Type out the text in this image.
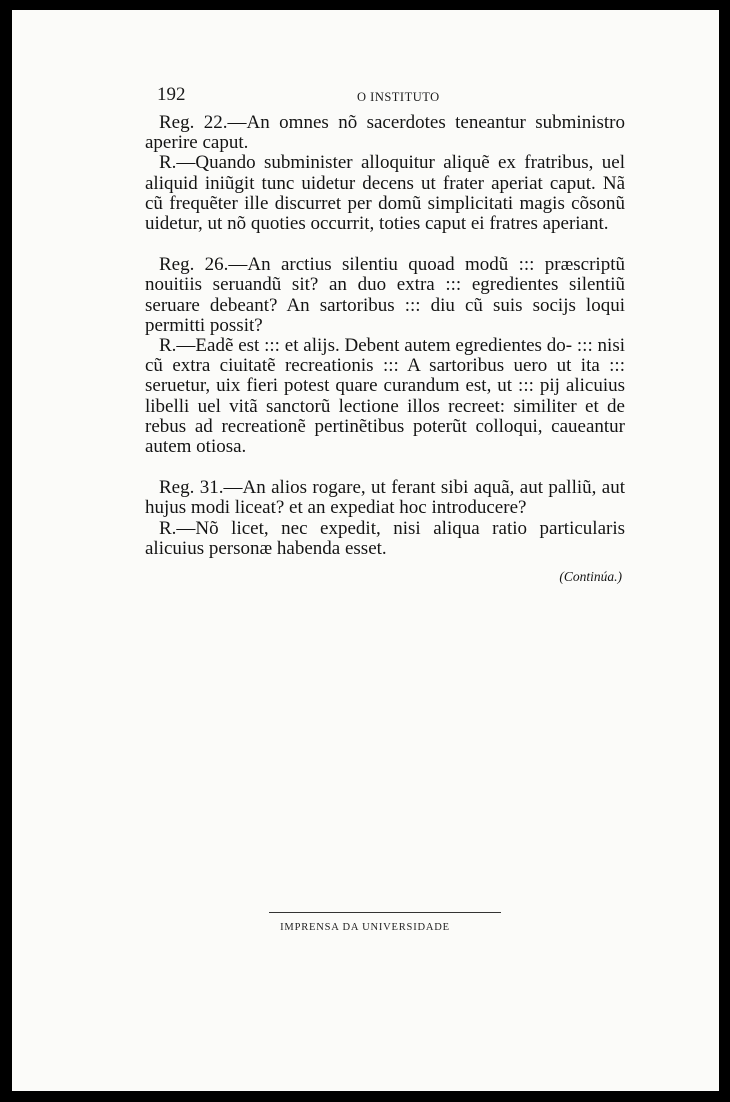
192	O INSTITUTO

Reg. 22.—An omnes nõ sacerdotes teneantur subministro aperire caput.

R.—Quando subminister alloquitur aliquẽ ex fratribus, uel aliquid iniũgit tunc uidetur decens ut frater aperiat caput. Nã cũ frequẽter ille discurret per domũ simplicitati magis cõsonũ uidetur, ut nõ quoties occurrit, toties caput ei fratres aperiant.

Reg. 26.—An arctius silentiu quoad modũ ::: præscriptũ nouitiis seruandũ sit? an duo extra ::: egredientes silentiũ seruare debeant? An sartoribus ::: diu cũ suis socijs loqui permitti possit?

R.—Eadẽ est ::: et alijs. Debent autem egredientes do- ::: nisi cũ extra ciuitatẽ recreationis ::: A sartoribus uero ut ita ::: seruetur, uix fieri potest quare curandum est, ut ::: pij alicuius libelli uel vitã sanctorũ lectione illos recreet: similiter et de rebus ad recreationẽ pertinẽtibus poterũt colloqui, caueantur autem otiosa.

Reg. 31.—An alios rogare, ut ferant sibi aquã, aut palliũ, aut hujus modi liceat? et an expediat hoc introducere?

R.—Nõ licet, nec expedit, nisi aliqua ratio particularis alicuius personæ habenda esset.

(Continúa.)
IMPRENSA DA UNIVERSIDADE
